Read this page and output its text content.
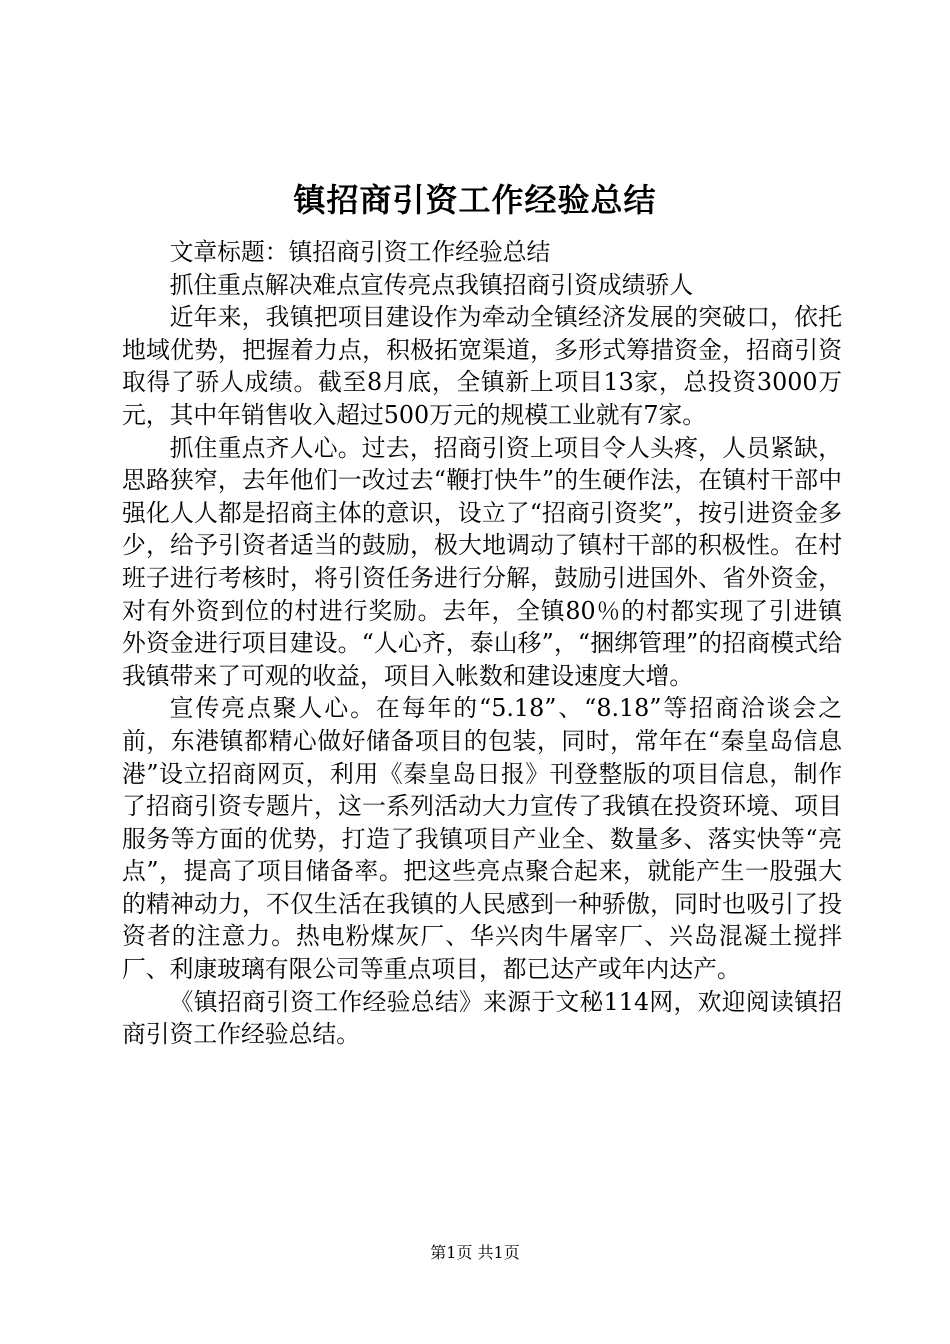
镇招商引资工作经验总结

文章标题：镇招商引资工作经验总结

抓住重点解决难点宣传亮点我镇招商引资成绩骄人

近年来，我镇把项目建设作为牵动全镇经济发展的突破口，依托地域优势，把握着力点，积极拓宽渠道，多形式筹措资金，招商引资取得了骄人成绩。截至8月底，全镇新上项目13家，总投资3000万元，其中年销售收入超过500万元的规模工业就有7家。

抓住重点齐人心。过去，招商引资上项目令人头疼，人员紧缺，思路狭窄，去年他们一改过去“鞭打快牛”的生硬作法，在镇村干部中强化人人都是招商主体的意识，设立了“招商引资奖”，按引进资金多少，给予引资者适当的鼓励，极大地调动了镇村干部的积极性。在村班子进行考核时，将引资任务进行分解，鼓励引进国外、省外资金，对有外资到位的村进行奖励。去年，全镇80％的村都实现了引进镇外资金进行项目建设。“人心齐，泰山移”，“捆绑管理”的招商模式给我镇带来了可观的收益，项目入帐数和建设速度大增。

宣传亮点聚人心。在每年的“5.18”、“8.18”等招商洽谈会之前，东港镇都精心做好储备项目的包装，同时，常年在“秦皇岛信息港”设立招商网页，利用《秦皇岛日报》刊登整版的项目信息，制作了招商引资专题片，这一系列活动大力宣传了我镇在投资环境、项目服务等方面的优势，打造了我镇项目产业全、数量多、落实快等“亮点”，提高了项目储备率。把这些亮点聚合起来，就能产生一股强大的精神动力，不仅生活在我镇的人民感到一种骄傲，同时也吸引了投资者的注意力。热电粉煤灰厂、华兴肉牛屠宰厂、兴岛混凝土搅拌厂、利康玻璃有限公司等重点项目，都已达产或年内达产。

《镇招商引资工作经验总结》来源于文秘114网，欢迎阅读镇招商引资工作经验总结。

第1页 共1页
